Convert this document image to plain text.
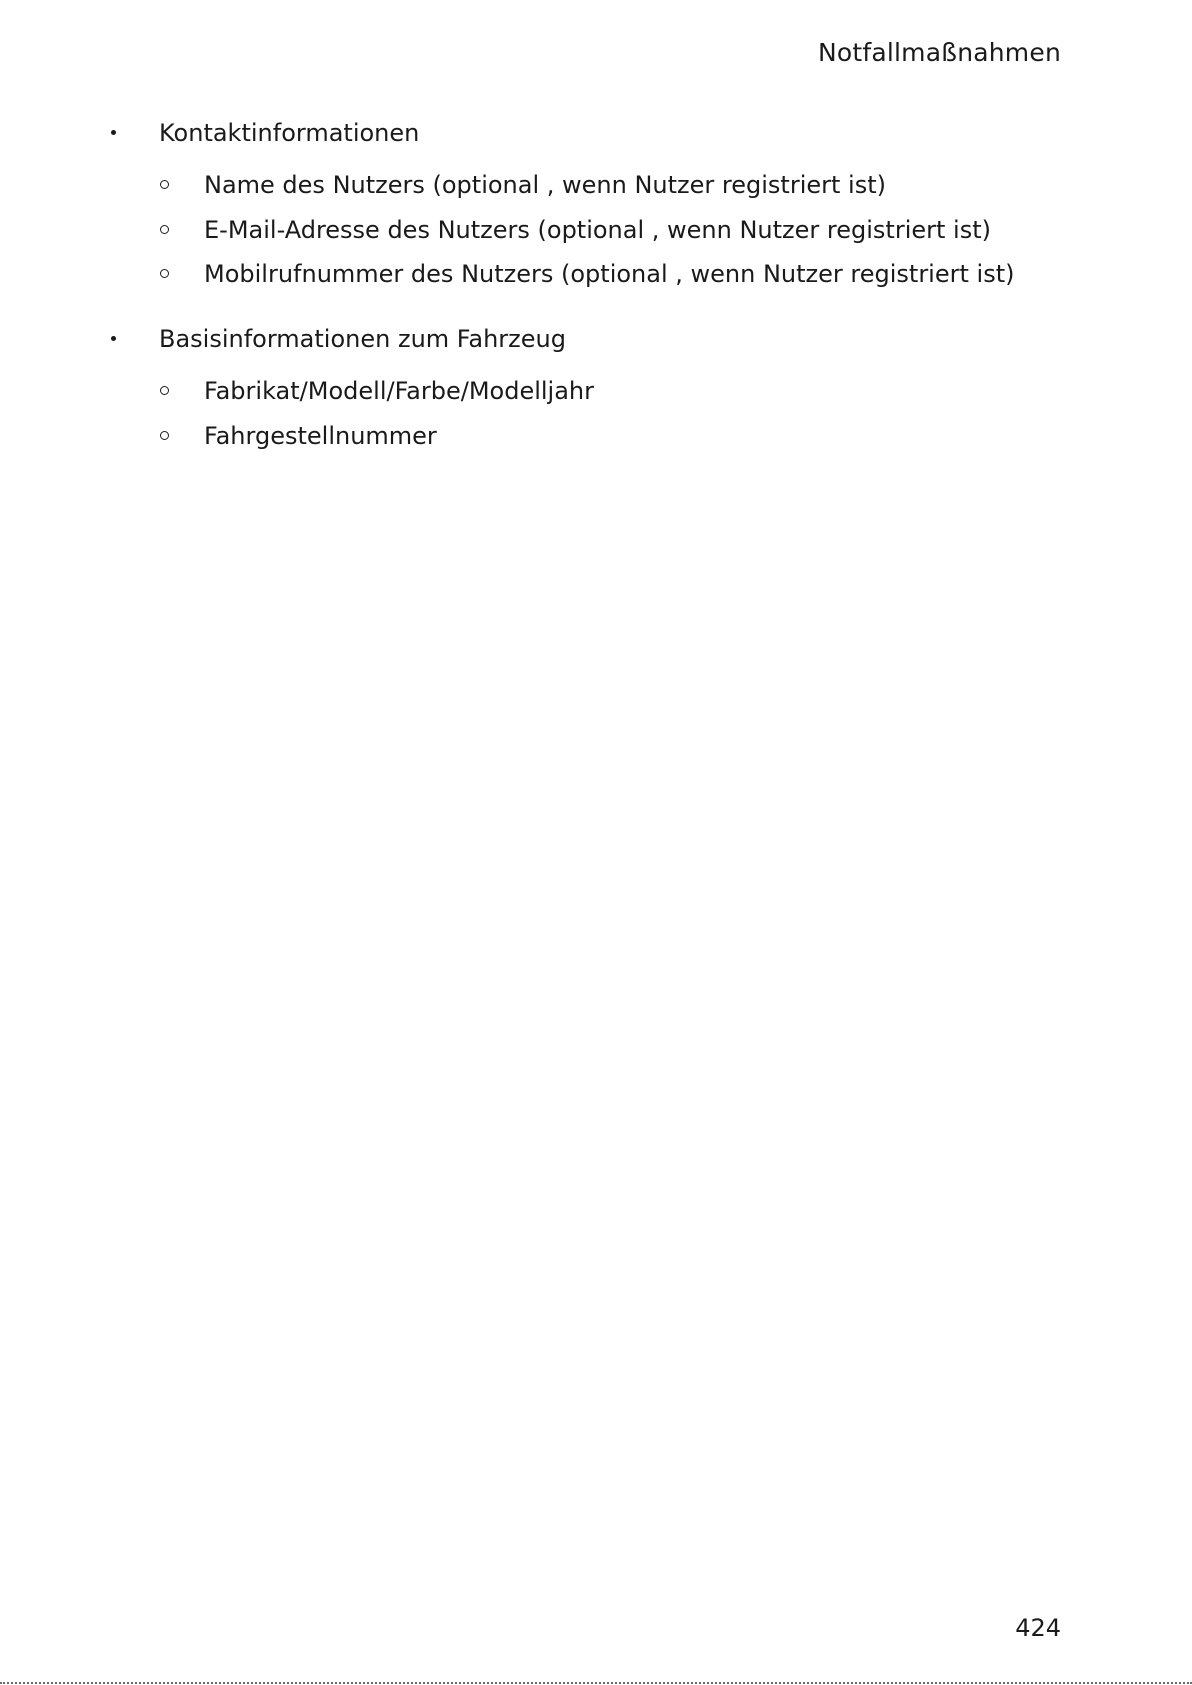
Notfallmaßnahmen
Kontaktinformationen
Name des Nutzers (optional , wenn Nutzer registriert ist)
E-Mail-Adresse des Nutzers (optional , wenn Nutzer registriert ist)
Mobilrufnummer des Nutzers (optional , wenn Nutzer registriert ist)
Basisinformationen zum Fahrzeug
Fabrikat/Modell/Farbe/Modelljahr
Fahrgestellnummer
424
